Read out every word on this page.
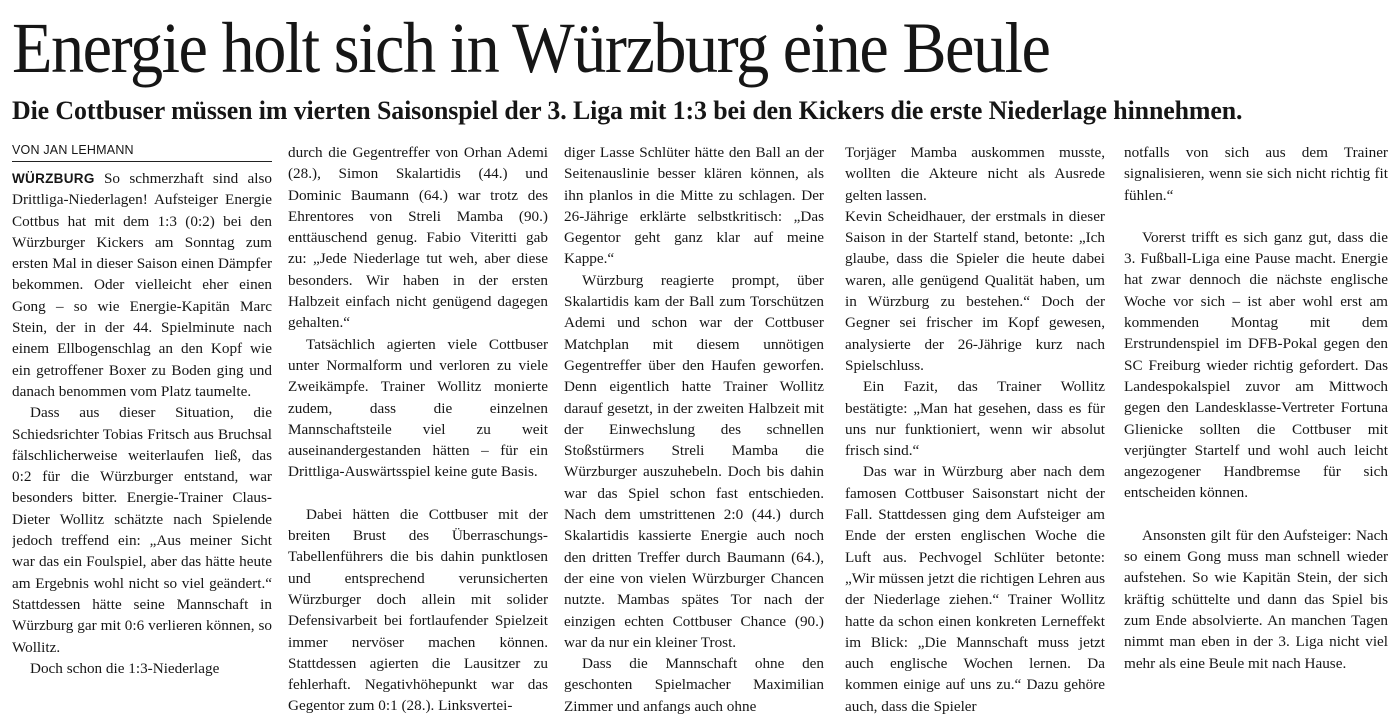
Energie holt sich in Würzburg eine Beule
Die Cottbuser müssen im vierten Saisonspiel der 3. Liga mit 1:3 bei den Kickers die erste Niederlage hinnehmen.
VON JAN LEHMANN

WÜRZBURG So schmerzhaft sind also Drittliga-Niederlagen! Aufsteiger Energie Cottbus hat mit dem 1:3 (0:2) bei den Würzburger Kickers am Sonntag zum ersten Mal in dieser Saison einen Dämpfer bekommen. Oder vielleicht eher einen Gong – so wie Energie-Kapitän Marc Stein, der in der 44. Spielminute nach einem Ellbogenschlag an den Kopf wie ein getroffener Boxer zu Boden ging und danach benommen vom Platz taumelte.

Dass aus dieser Situation, die Schiedsrichter Tobias Fritsch aus Bruchsal fälschlicherweise weiterlaufen ließ, das 0:2 für die Würzburger entstand, war besonders bitter. Energie-Trainer Claus-Dieter Wollitz schätzte nach Spielende jedoch treffend ein: „Aus meiner Sicht war das ein Foulspiel, aber das hätte heute am Ergebnis wohl nicht so viel geändert.“ Stattdessen hätte seine Mannschaft in Würzburg gar mit 0:6 verlieren können, so Wollitz.

Doch schon die 1:3-Niederlage

durch die Gegentreffer von Orhan Ademi (28.), Simon Skalartidis (44.) und Dominic Baumann (64.) war trotz des Ehrentores von Streli Mamba (90.) enttäuschend genug. Fabio Viteritti gab zu: „Jede Niederlage tut weh, aber diese besonders. Wir haben in der ersten Halbzeit einfach nicht genügend dagegen gehalten.“

Tatsächlich agierten viele Cottbuser unter Normalform und verloren zu viele Zweikämpfe. Trainer Wollitz monierte zudem, dass die einzelnen Mannschaftsteile viel zu weit auseinandergestanden hätten – für ein Drittliga-Auswärtsspiel keine gute Basis.

Dabei hätten die Cottbuser mit der breiten Brust des Überraschungs-Tabellenführers die bis dahin punktlosen und entsprechend verunsicherten Würzburger doch allein mit solider Defensivarbeit bei fortlaufender Spielzeit immer nervöser machen können. Stattdessen agierten die Lausitzer zu fehlerhaft. Negativhöhepunkt war das Gegentor zum 0:1 (28.). Linksvertei-

diger Lasse Schlüter hätte den Ball an der Seitenauslinie besser klären können, als ihn planlos in die Mitte zu schlagen. Der 26-Jährige erklärte selbstkritisch: „Das Gegentor geht ganz klar auf meine Kappe.“

Würzburg reagierte prompt, über Skalartidis kam der Ball zum Torschützen Ademi und schon war der Cottbuser Matchplan mit diesem unnötigen Gegentreffer über den Haufen geworfen. Denn eigentlich hatte Trainer Wollitz darauf gesetzt, in der zweiten Halbzeit mit der Einwechslung des schnellen Stoßstürmers Streli Mamba die Würzburger auszuhebeln. Doch bis dahin war das Spiel schon fast entschieden. Nach dem umstrittenen 2:0 (44.) durch Skalartidis kassierte Energie auch noch den dritten Treffer durch Baumann (64.), der eine von vielen Würzburger Chancen nutzte. Mambas spätes Tor nach der einzigen echten Cottbuser Chance (90.) war da nur ein kleiner Trost.

Dass die Mannschaft ohne den geschonten Spielmacher Maximilian Zimmer und anfangs auch ohne

Torjäger Mamba auskommen musste, wollten die Akteure nicht als Ausrede gelten lassen.

Kevin Scheidhauer, der erstmals in dieser Saison in der Startelf stand, betonte: „Ich glaube, dass die Spieler die heute dabei waren, alle genügend Qualität haben, um in Würzburg zu bestehen.“ Doch der Gegner sei frischer im Kopf gewesen, analysierte der 26-Jährige kurz nach Spielschluss.

Ein Fazit, das Trainer Wollitz bestätigte: „Man hat gesehen, dass es für uns nur funktioniert, wenn wir absolut frisch sind.“

Das war in Würzburg aber nach dem famosen Cottbuser Saisonstart nicht der Fall. Stattdessen ging dem Aufsteiger am Ende der ersten englischen Woche die Luft aus. Pechvogel Schlüter betonte: „Wir müssen jetzt die richtigen Lehren aus der Niederlage ziehen.“ Trainer Wollitz hatte da schon einen konkreten Lerneffekt im Blick: „Die Mannschaft muss jetzt auch englische Wochen lernen. Da kommen einige auf uns zu.“ Dazu gehöre auch, dass die Spieler

notfalls von sich aus dem Trainer signalisieren, wenn sie sich nicht richtig fit fühlen.“

Vorerst trifft es sich ganz gut, dass die 3. Fußball-Liga eine Pause macht. Energie hat zwar dennoch die nächste englische Woche vor sich – ist aber wohl erst am kommenden Montag mit dem Erstrundenspiel im DFB-Pokal gegen den SC Freiburg wieder richtig gefordert. Das Landespokalspiel zuvor am Mittwoch gegen den Landesklasse-Vertreter Fortuna Glienicke sollten die Cottbuser mit verjüngter Startelf und wohl auch leicht angezogener Handbremse für sich entscheiden können.

Ansonsten gilt für den Aufsteiger: Nach so einem Gong muss man schnell wieder aufstehen. So wie Kapitän Stein, der sich kräftig schüttelte und dann das Spiel bis zum Ende absolvierte. An manchen Tagen nimmt man eben in der 3. Liga nicht viel mehr als eine Beule mit nach Hause.
